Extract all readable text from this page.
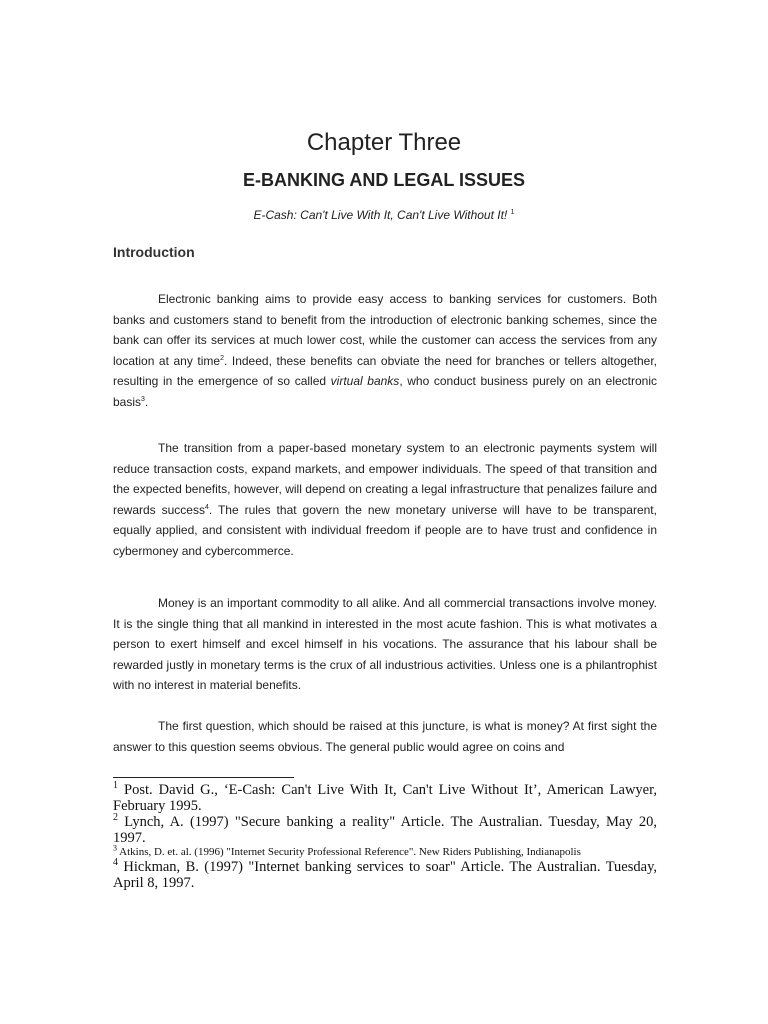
Chapter Three
E-BANKING AND LEGAL ISSUES
E-Cash: Can't Live With It, Can't Live Without It! $^1$
Introduction

Electronic banking aims to provide easy access to banking services for customers. Both banks and customers stand to benefit from the introduction of electronic banking schemes, since the bank can offer its services at much lower cost, while the customer can access the services from any location at any time$^2$. Indeed, these benefits can obviate the need for branches or tellers altogether, resulting in the emergence of so called virtual banks, who conduct business purely on an electronic basis$^3$.

The transition from a paper-based monetary system to an electronic payments system will reduce transaction costs, expand markets, and empower individuals. The speed of that transition and the expected benefits, however, will depend on creating a legal infrastructure that penalizes failure and rewards success$^4$. The rules that govern the new monetary universe will have to be transparent, equally applied, and consistent with individual freedom if people are to have trust and confidence in cybermoney and cybercommerce.

Money is an important commodity to all alike. And all commercial transactions involve money. It is the single thing that all mankind in interested in the most acute fashion. This is what motivates a person to exert himself and excel himself in his vocations. The assurance that his labour shall be rewarded justly in monetary terms is the crux of all industrious activities. Unless one is a philantrophist with no interest in material benefits.

The first question, which should be raised at this juncture, is what is money? At first sight the answer to this question seems obvious. The general public would agree on coins and

$^1$ Post. David G., ‘E-Cash: Can't Live With It, Can't Live Without It’, American Lawyer, February 1995.

$^2$ Lynch, A. (1997) "Secure banking a reality" Article. The Australian. Tuesday, May 20, 1997.

$^3$ Atkins, D. et. al. (1996) "Internet Security Professional Reference". New Riders Publishing, Indianapolis

$^4$ Hickman, B. (1997) "Internet banking services to soar" Article. The Australian. Tuesday, April 8, 1997.
